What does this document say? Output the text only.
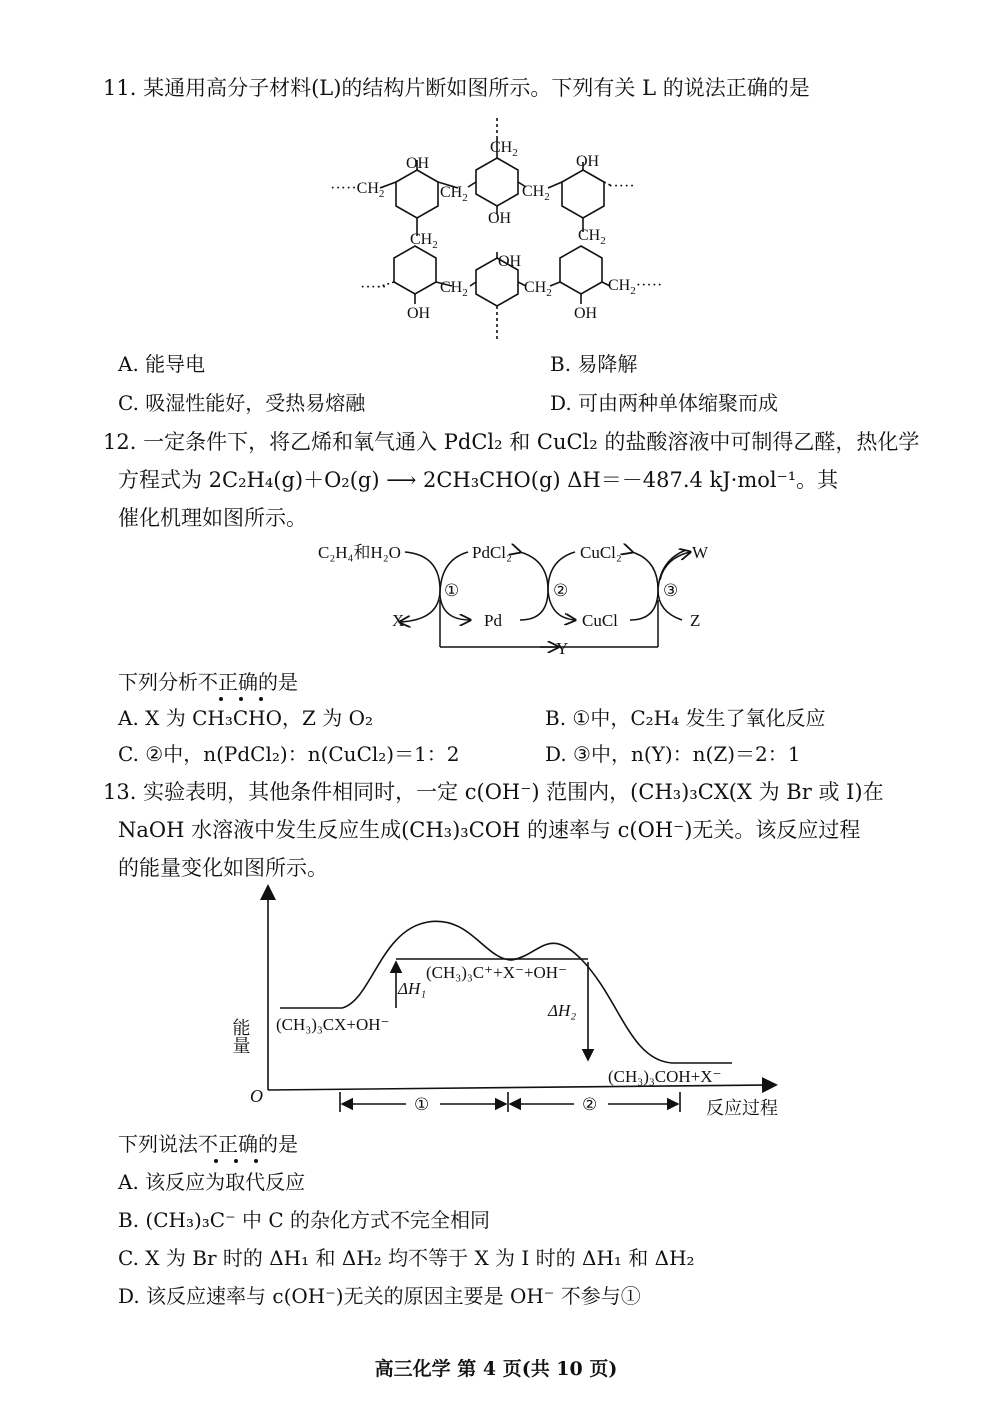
11. 某通用高分子材料(L)的结构片断如图所示。下列有关 L 的说法正确的是
OH
OH
OH
OH
OH	OH
$CH_2$
$\cdot\cdot\cdot\cdot\cdot CH_2$	$CH_2$	$CH_2$
·····
$CH_2$
$CH_2$
·····	$CH_2$	$CH_2$	$CH_2\cdot\cdot\cdot\cdot\cdot$
A. 能导电	B. 易降解
C. 吸湿性能好，受热易熔融	D. 可由两种单体缩聚而成
12. 一定条件下，将乙烯和氧气通入 PdCl₂ 和 CuCl₂ 的盐酸溶液中可制得乙醛，热化学
方程式为 2C₂H₄(g)＋O₂(g) ⟶ 2CH₃CHO(g) ΔH＝－487.4 kJ·mol⁻¹。其
催化机理如图所示。
C₂H₄和H₂O	PdCl₂	CuCl₂	W
X	Pd	CuCl	Z
Y
①	②	③
下列分析不正确的是
A. X 为 CH₃CHO，Z 为 O₂	B. ①中，C₂H₄ 发生了氧化反应
C. ②中，n(PdCl₂)：n(CuCl₂)＝1：2	D. ③中，n(Y)：n(Z)＝2：1
13. 实验表明，其他条件相同时，一定 c(OH⁻) 范围内，(CH₃)₃CX(X 为 Br 或 I)在
NaOH 水溶液中发生反应生成(CH₃)₃COH 的速率与 c(OH⁻)无关。该反应过程
的能量变化如图所示。
能量
O
反应过程
(CH₃)₃CX+OH⁻
(CH₃)₃C⁺+X⁻+OH⁻
(CH₃)₃COH+X⁻
ΔH₁
ΔH₂
①	②
下列说法不正确的是
A. 该反应为取代反应
B. (CH₃)₃C⁻ 中 C 的杂化方式不完全相同
C. X 为 Br 时的 ΔH₁ 和 ΔH₂ 均不等于 X 为 I 时的 ΔH₁ 和 ΔH₂
D. 该反应速率与 c(OH⁻)无关的原因主要是 OH⁻ 不参与①
高三化学 第 4 页(共 10 页)
